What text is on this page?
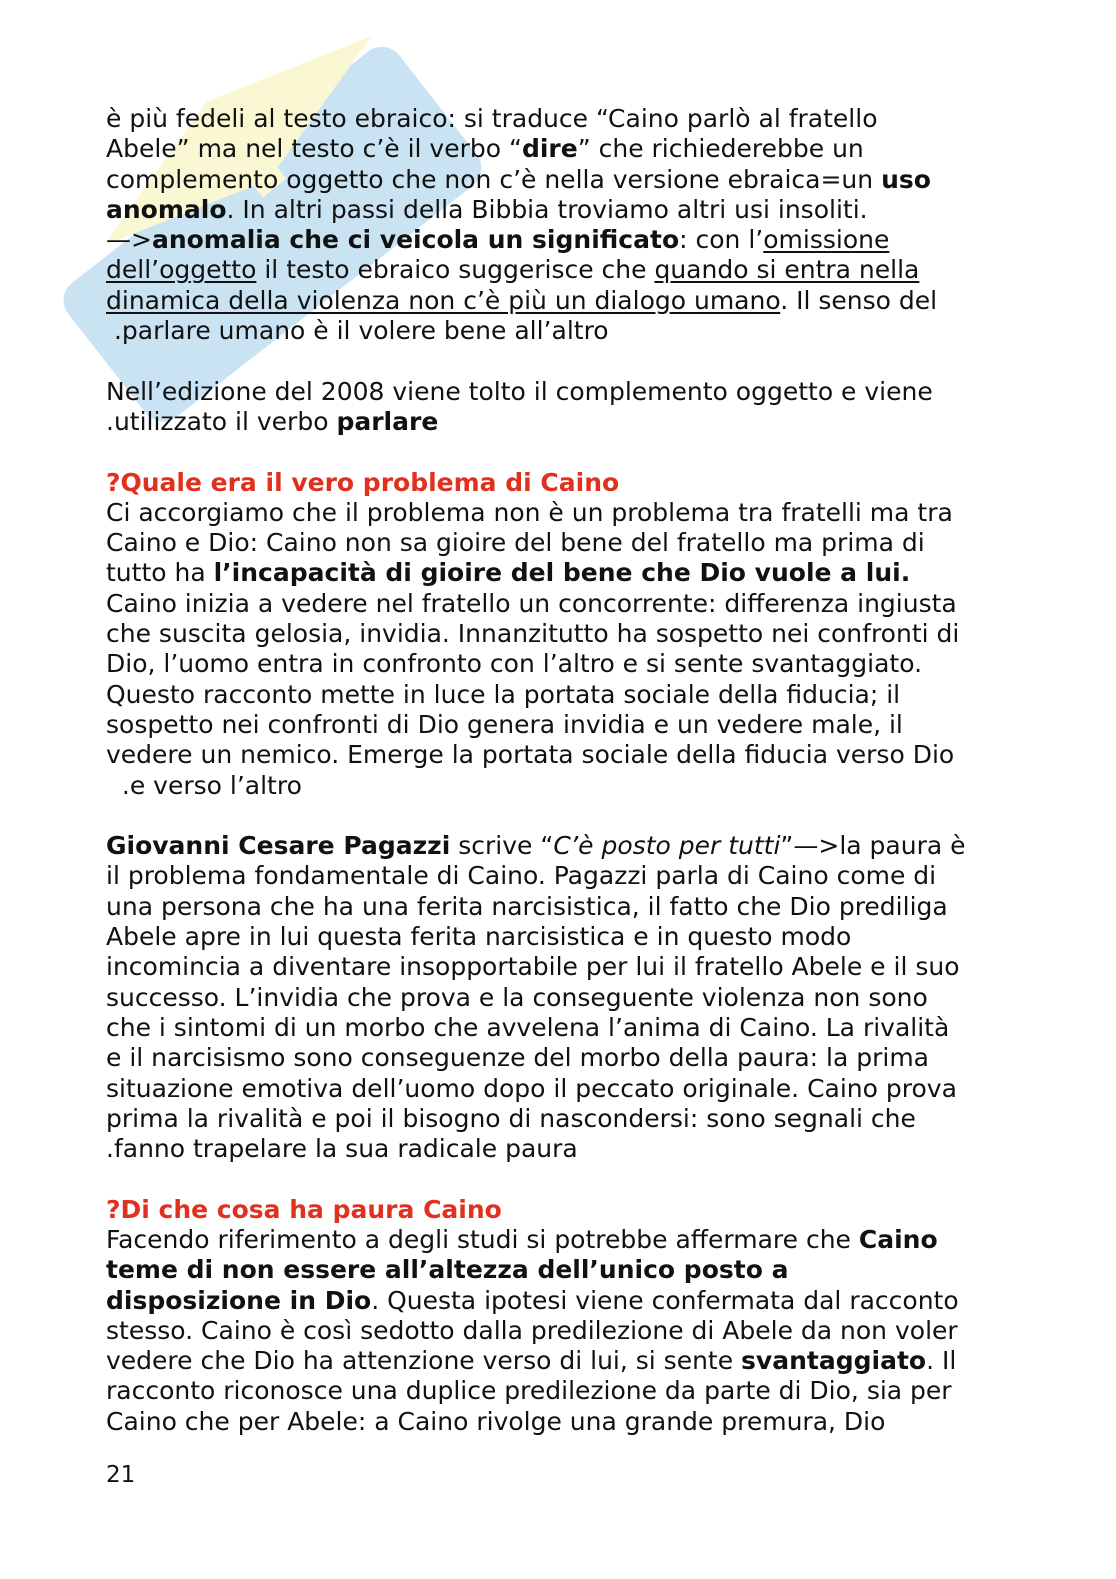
è più fedeli al testo ebraico: si traduce “Caino parlò al fratello
Abele” ma nel testo c’è il verbo “dire” che richiederebbe un
complemento oggetto che non c’è nella versione ebraica=un uso
anomalo. In altri passi della Bibbia troviamo altri usi insoliti.
—>anomalia che ci veicola un significato: con l’omissione
dell’oggetto il testo ebraico suggerisce che quando si entra nella
dinamica della violenza non c’è più un dialogo umano. Il senso del
.parlare umano è il volere bene all’altro
Nell’edizione del 2008 viene tolto il complemento oggetto e viene
.utilizzato il verbo parlare
?Quale era il vero problema di Caino
Ci accorgiamo che il problema non è un problema tra fratelli ma tra
Caino e Dio: Caino non sa gioire del bene del fratello ma prima di
tutto ha l’incapacità di gioire del bene che Dio vuole a lui.
Caino inizia a vedere nel fratello un concorrente: differenza ingiusta
che suscita gelosia, invidia. Innanzitutto ha sospetto nei confronti di
Dio, l’uomo entra in confronto con l’altro e si sente svantaggiato.
Questo racconto mette in luce la portata sociale della fiducia; il
sospetto nei confronti di Dio genera invidia e un vedere male, il
vedere un nemico. Emerge la portata sociale della fiducia verso Dio
.e verso l’altro
Giovanni Cesare Pagazzi scrive “C’è posto per tutti”—>la paura è
il problema fondamentale di Caino. Pagazzi parla di Caino come di
una persona che ha una ferita narcisistica, il fatto che Dio prediliga
Abele apre in lui questa ferita narcisistica e in questo modo
incomincia a diventare insopportabile per lui il fratello Abele e il suo
successo. L’invidia che prova e la conseguente violenza non sono
che i sintomi di un morbo che avvelena l’anima di Caino. La rivalità
e il narcisismo sono conseguenze del morbo della paura: la prima
situazione emotiva dell’uomo dopo il peccato originale. Caino prova
prima la rivalità e poi il bisogno di nascondersi: sono segnali che
.fanno trapelare la sua radicale paura
?Di che cosa ha paura Caino
Facendo riferimento a degli studi si potrebbe affermare che Caino
teme di non essere all’altezza dell’unico posto a
disposizione in Dio. Questa ipotesi viene confermata dal racconto
stesso. Caino è così sedotto dalla predilezione di Abele da non voler
vedere che Dio ha attenzione verso di lui, si sente svantaggiato. Il
racconto riconosce una duplice predilezione da parte di Dio, sia per
Caino che per Abele: a Caino rivolge una grande premura, Dio
21
